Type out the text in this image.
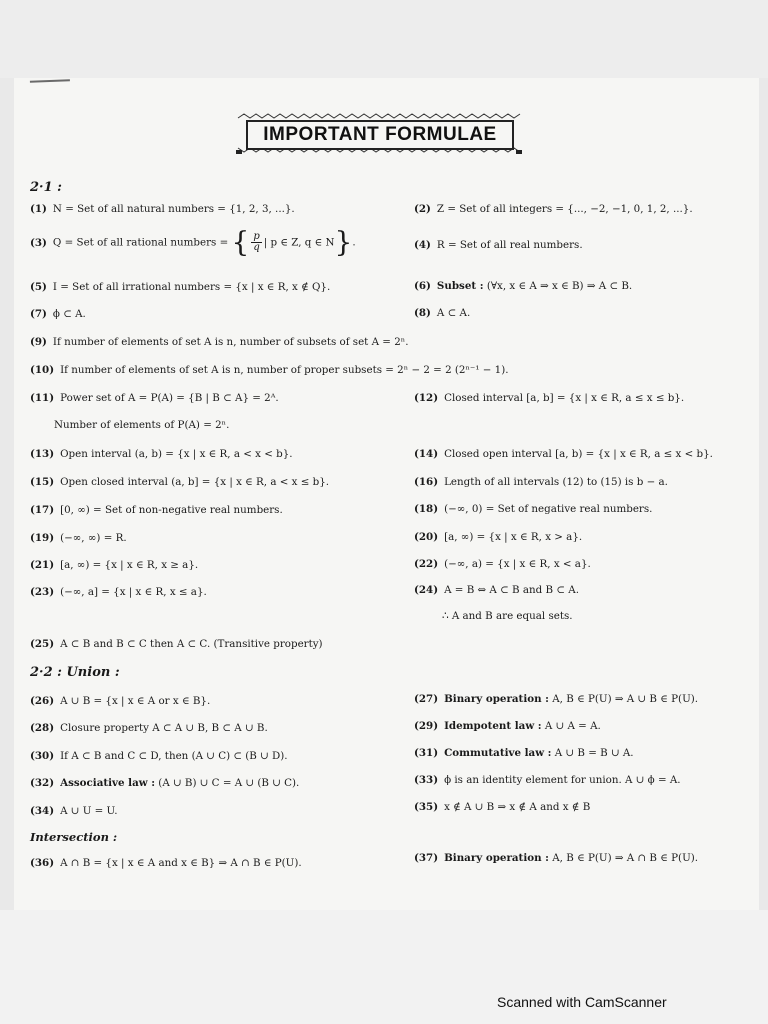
IMPORTANT FORMULAE
2·1 :
(1) N = Set of all natural numbers = {1, 2, 3, ...}.	(2) Z = Set of all integers = {..., −2, −1, 0, 1, 2, ...}.
(3) Q = Set of all rational numbers = { $\frac{p}{q}$ | p ∈ Z, q ∈ N}.	(4) R = Set of all real numbers.
(5) I = Set of all irrational numbers = {x | x ∈ R, x ∉ Q}.	(6) Subset : (∀x, x ∈ A ⇒ x ∈ B) ⇒ A ⊂ B.
(7) ϕ ⊂ A.	(8) A ⊂ A.
(9) If number of elements of set A is n, number of subsets of set A = 2ⁿ.
(10) If number of elements of set A is n, number of proper subsets = 2ⁿ − 2 = 2 (2ⁿ⁻¹ − 1).
(11) Power set of A = P(A) = {B | B ⊂ A} = 2ᴬ.
Number of elements of P(A) = 2ⁿ.
(12) Closed interval [a, b] = {x | x ∈ R, a ≤ x ≤ b}.
(13) Open interval (a, b) = {x | x ∈ R, a < x < b}.	(14) Closed open interval [a, b) = {x | x ∈ R, a ≤ x < b}.
(15) Open closed interval (a, b] = {x | x ∈ R, a < x ≤ b}.	(16) Length of all intervals (12) to (15) is b − a.
(17) [0, ∞) = Set of non-negative real numbers.	(18) (−∞, 0) = Set of negative real numbers.
(19) (−∞, ∞) = R.	(20) [a, ∞) = {x | x ∈ R, x > a}.
(21) [a, ∞) = {x | x ∈ R, x ≥ a}.	(22) (−∞, a) = {x | x ∈ R, x < a}.
(23) (−∞, a] = {x | x ∈ R, x ≤ a}.	(24) A = B ⇔ A ⊂ B and B ⊂ A.
∴ A and B are equal sets.
(25) A ⊂ B and B ⊂ C then A ⊂ C. (Transitive property)
2·2 : Union :
(26) A ∪ B = {x | x ∈ A or x ∈ B}.	(27) Binary operation : A, B ∈ P(U) ⇒ A ∪ B ∈ P(U).
(28) Closure property A ⊂ A ∪ B, B ⊂ A ∪ B.	(29) Idempotent law : A ∪ A = A.
(30) If A ⊂ B and C ⊂ D, then (A ∪ C) ⊂ (B ∪ D).	(31) Commutative law : A ∪ B = B ∪ A.
(32) Associative law : (A ∪ B) ∪ C = A ∪ (B ∪ C).	(33) ϕ is an identity element for union. A ∪ ϕ = A.
(34) A ∪ U = U.	(35) x ∉ A ∪ B ⇒ x ∉ A and x ∉ B
Intersection :
(36) A ∩ B = {x | x ∈ A and x ∈ B} ⇒ A ∩ B ∈ P(U).	(37) Binary operation : A, B ∈ P(U) ⇒ A ∩ B ∈ P(U).
Scanned with CamScanner
